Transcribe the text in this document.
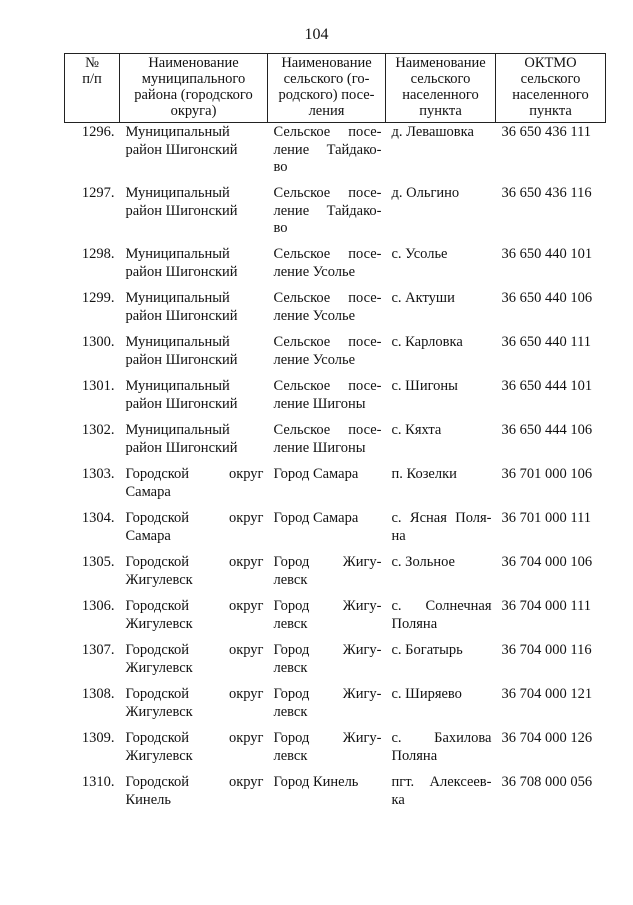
104
№
п/п	Наименование
муниципального
района (городского
округа)	Наименование
сельского (го-
родского) посе-
ления	Наименование
сельского
населенного
пункта	ОКТМО
сельского
населенного
пункта
1296.	Муниципальный
район Шигонский	Сельское посе-
ление Тайдако-
во	д. Левашовка	36 650 436 111
1297.	Муниципальный
район Шигонский	Сельское посе-
ление Тайдако-
во	д. Ольгино	36 650 436 116
1298.	Муниципальный
район Шигонский	Сельское посе-
ление Усолье	с. Усолье	36 650 440 101
1299.	Муниципальный
район Шигонский	Сельское посе-
ление Усолье	с. Актуши	36 650 440 106
1300.	Муниципальный
район Шигонский	Сельское посе-
ление Усолье	с. Карловка	36 650 440 111
1301.	Муниципальный
район Шигонский	Сельское посе-
ление Шигоны	с. Шигоны	36 650 444 101
1302.	Муниципальный
район Шигонский	Сельское посе-
ление Шигоны	с. Кяхта	36 650 444 106
1303.	Городской округ
Самара	Город Самара	п. Козелки	36 701 000 106
1304.	Городской округ
Самара	Город Самара	с. Ясная Поля-
на	36 701 000 111
1305.	Городской округ
Жигулевск	Город Жигу-
левск	с. Зольное	36 704 000 106
1306.	Городской округ
Жигулевск	Город Жигу-
левск	с. Солнечная
Поляна	36 704 000 111
1307.	Городской округ
Жигулевск	Город Жигу-
левск	с. Богатырь	36 704 000 116
1308.	Городской округ
Жигулевск	Город Жигу-
левск	с. Ширяево	36 704 000 121
1309.	Городской округ
Жигулевск	Город Жигу-
левск	с. Бахилова
Поляна	36 704 000 126
1310.	Городской округ
Кинель	Город Кинель	пгт. Алексеев-
ка	36 708 000 056
